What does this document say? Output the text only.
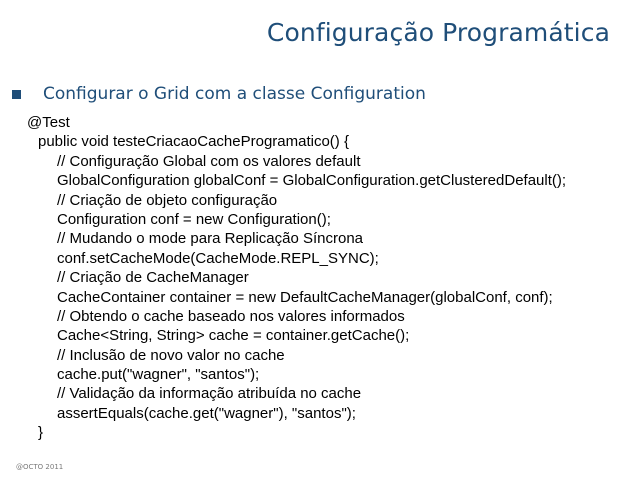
Configuração Programática
Configurar o Grid com a classe Configuration
@Test
public void testeCriacaoCacheProgramatico() {
// Configuração Global com os valores default
GlobalConfiguration globalConf = GlobalConfiguration.getClusteredDefault();
// Criação de objeto configuração
Configuration conf = new Configuration();
// Mudando o mode para Replicação Síncrona
conf.setCacheMode(CacheMode.REPL_SYNC);
// Criação de CacheManager
CacheContainer container = new DefaultCacheManager(globalConf, conf);
// Obtendo o cache baseado nos valores informados
Cache<String, String> cache = container.getCache();
// Inclusão de novo valor no cache
cache.put("wagner", "santos");
// Validação da informação atribuída no cache
assertEquals(cache.get("wagner"), "santos");
}
@OCTO 2011
